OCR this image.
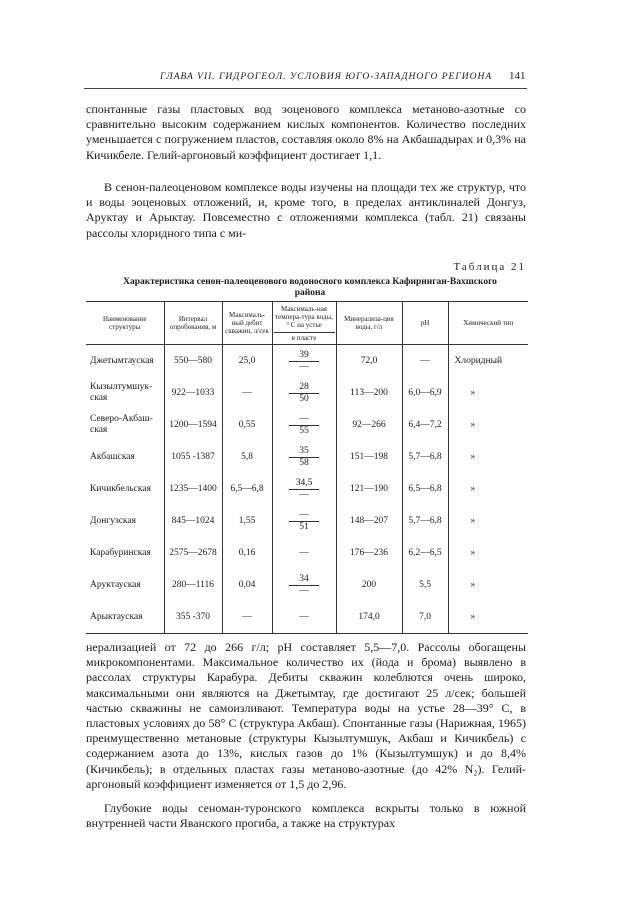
ГЛАВА VII. ГИДРОГЕОЛ. УСЛОВИЯ ЮГО-ЗАПАДНОГО РЕГИОНА	141
спонтанные газы пластовых вод эоценового комплекса метаново-азотные со сравнительно высоким содержанием кислых компонентов. Количество последних уменьшается с погружением пластов, составляя около 8% на Акбашадырах и 0,3% на Кичикбеле. Гелий-аргоновый коэффициент достигает 1,1.
В сенон-палеоценовом комплексе воды изучены на площади тех же структур, что и воды эоценовых отложений, и, кроме того, в пределах антиклиналей Донгуз, Аруктау и Арыктау. Повсеместно с отложениями комплекса (табл. 21) связаны рассолы хлоридного типа с ми-
Таблица 21
Характеристика сенон-палеоценового водоносного комплекса Кафирниган-Вахшского района
Наименование структуры	Интервал опробования, м	Максималь-ный дебит скважин, л/сек	Максималь-ная темпера-тура воды, ° С на устье
в пласте	Минерализа-ция воды, г/л	pH	Химический тип
Джетымтауская	550—580	25,0	$\frac{39}{—}$	72,0	—	Хлоридный
Кызылтумшук-ская	922—1033	—	$\frac{28}{50}$	113—200	6,0—6,9	»
Северо-Акбаш-ская	1200—1594	0,55	$\frac{—}{55}$	92—266	6,4—7,2	»
Акбашская	1055 -1387	5,8	$\frac{35}{58}$	151—198	5,7—6,8	»
Кичикбельская	1235—1400	6,5—6,8	$\frac{34,5}{—}$	121—190	6,5—6,8	»
Донгузская	845—1024	1,55	$\frac{—}{51}$	148—207	5,7—6,8	»
Карабуринская	2575—2678	0,16	—	176—236	6,2—6,5	»
Аруктауская	280—1116	0,04	$\frac{34}{—}$	200	5,5	»
Арыктауская	355 -370	—	—	174,0	7,0	»
нерализацией от 72 до 266 г/л; pH составляет 5,5—7,0. Рассолы обогащены микрокомпонентами. Максимальное количество их (йода и брома) выявлено в рассолах структуры Карабура. Дебиты скважин колеблются очень широко, максимальными они являются на Джетымтау, где достигают 25 л/сек; большей частью скважины не самоизливают. Температура воды на устье 28—39° С, в пластовых условиях до 58° С (структура Акбаш). Спонтанные газы (Нарижная, 1965) преимущественно метановые (структуры Кызылтумшук, Акбаш и Кичикбель) с содержанием азота до 13%, кислых газов до 1% (Кызылтумшук) и до 8,4% (Кичикбель); в отдельных пластах газы метаново-азотные (до 42% N₂). Гелий-аргоновый коэффициент изменяется от 1,5 до 2,96.
Глубокие воды сеноман-туронского комплекса вскрыты только в южной внутренней части Яванского прогиба, а также на структурах
